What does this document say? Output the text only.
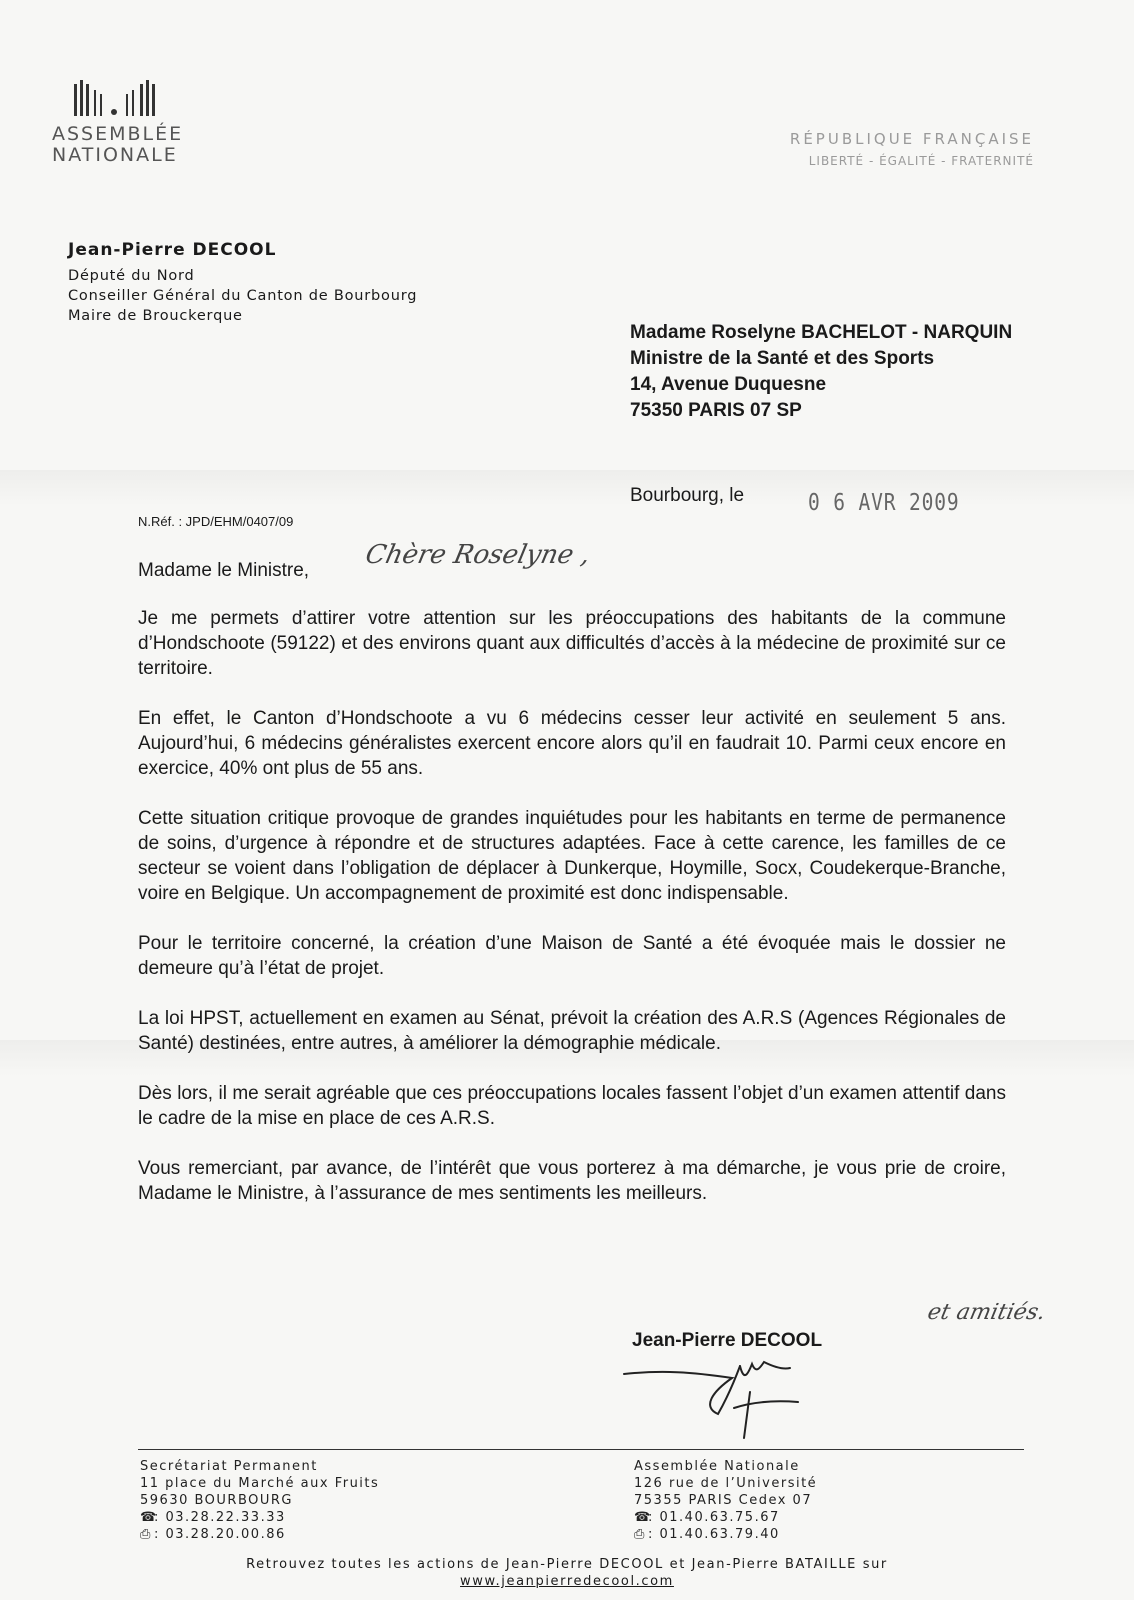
ASSEMBLÉE
NATIONALE
RÉPUBLIQUE FRANÇAISE
LIBERTÉ - ÉGALITÉ - FRATERNITÉ
Jean-Pierre DECOOL
Député du Nord
Conseiller Général du Canton de Bourbourg
Maire de Brouckerque
Madame Roselyne BACHELOT - NARQUIN
Ministre de la Santé et des Sports
14, Avenue Duquesne
75350 PARIS 07 SP
Bourbourg, le	0 6 AVR 2009
N.Réf. : JPD/EHM/0407/09
Madame le Ministre,
Chère Roselyne ,

Je me permets d’attirer votre attention sur les préoccupations des habitants de la commune d’Hondschoote (59122) et des environs quant aux difficultés d’accès à la médecine de proximité sur ce territoire.

En effet, le Canton d’Hondschoote a vu 6 médecins cesser leur activité en seulement 5 ans. Aujourd’hui, 6 médecins généralistes exercent encore alors qu’il en faudrait 10. Parmi ceux encore en exercice, 40% ont plus de 55 ans.

Cette situation critique provoque de grandes inquiétudes pour les habitants en terme de permanence de soins, d’urgence à répondre et de structures adaptées. Face à cette carence, les familles de ce secteur se voient dans l’obligation de déplacer à Dunkerque, Hoymille, Socx, Coudekerque-Branche, voire en Belgique. Un accompagnement de proximité est donc indispensable.

Pour le territoire concerné, la création d’une Maison de Santé a été évoquée mais le dossier ne demeure qu’à l’état de projet.

La loi HPST, actuellement en examen au Sénat, prévoit la création des A.R.S (Agences Régionales de Santé) destinées, entre autres, à améliorer la démographie médicale.

Dès lors, il me serait agréable que ces préoccupations locales fassent l’objet d’un examen attentif dans le cadre de la mise en place de ces A.R.S.

Vous remerciant, par avance, de l’intérêt que vous porterez à ma démarche, je vous prie de croire, Madame le Ministre, à l’assurance de mes sentiments les meilleurs.

et amitiés.
Jean-Pierre DECOOL
Secrétariat Permanent
11 place du Marché aux Fruits
59630 BOURBOURG
☎: 03.28.22.33.33
⎙ : 03.28.20.00.86
Assemblée Nationale
126 rue de l’Université
75355 PARIS Cedex 07
☎: 01.40.63.75.67
⎙ : 01.40.63.79.40
Retrouvez toutes les actions de Jean-Pierre DECOOL et Jean-Pierre BATAILLE sur
www.jeanpierredecool.com
